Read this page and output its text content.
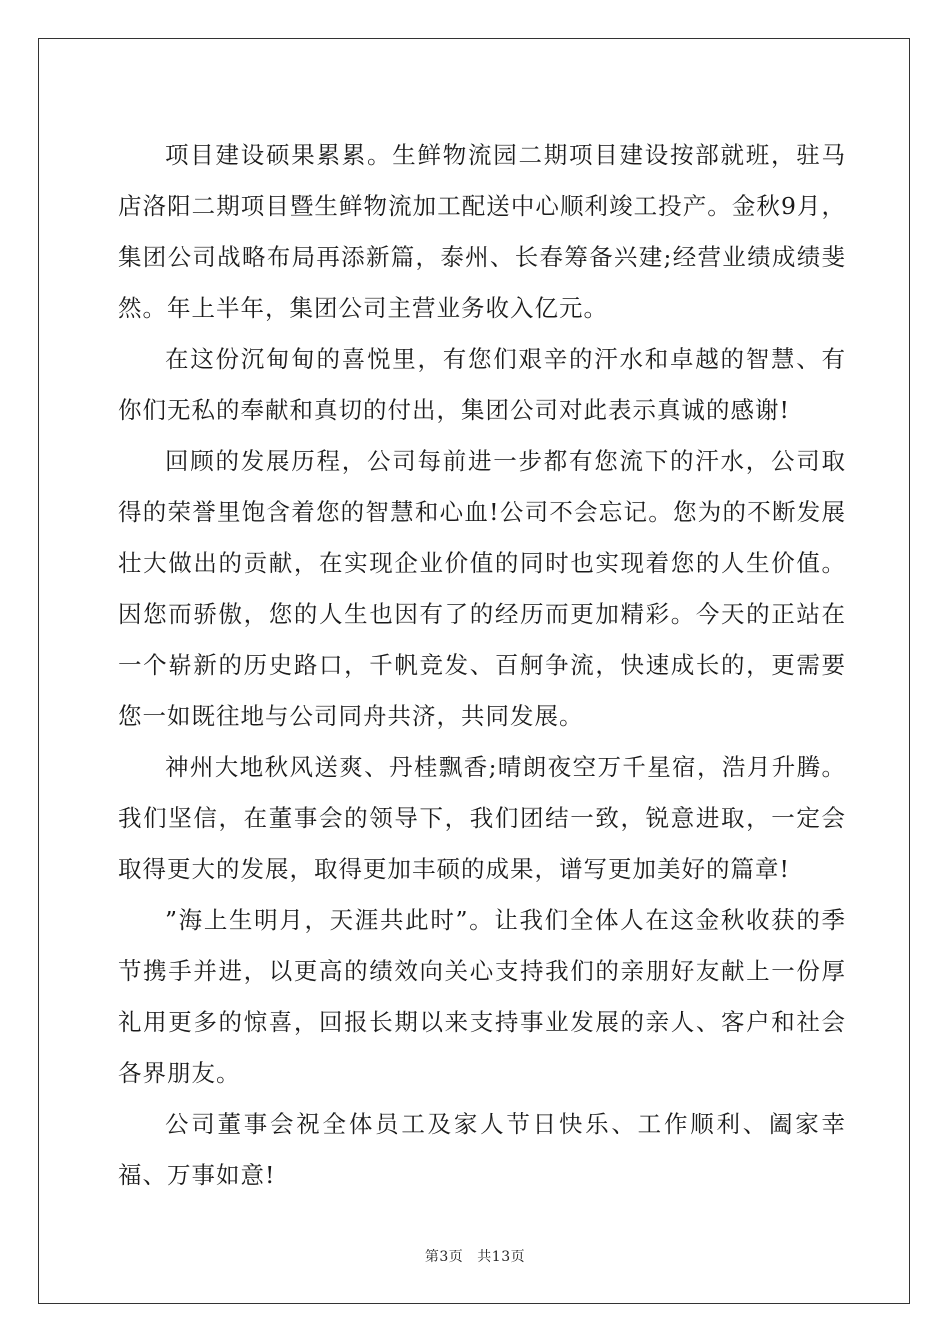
项目建设硕果累累。生鲜物流园二期项目建设按部就班，驻马店洛阳二期项目暨生鲜物流加工配送中心顺利竣工投产。金秋9月，集团公司战略布局再添新篇，泰州、长春筹备兴建;经营业绩成绩斐然。年上半年，集团公司主营业务收入亿元。

在这份沉甸甸的喜悦里，有您们艰辛的汗水和卓越的智慧、有你们无私的奉献和真切的付出，集团公司对此表示真诚的感谢!

回顾的发展历程，公司每前进一步都有您流下的汗水，公司取得的荣誉里饱含着您的智慧和心血!公司不会忘记。您为的不断发展壮大做出的贡献，在实现企业价值的同时也实现着您的人生价值。因您而骄傲，您的人生也因有了的经历而更加精彩。今天的正站在一个崭新的历史路口，千帆竞发、百舸争流，快速成长的，更需要您一如既往地与公司同舟共济，共同发展。

神州大地秋风送爽、丹桂飘香;晴朗夜空万千星宿，浩月升腾。我们坚信，在董事会的领导下，我们团结一致，锐意进取，一定会取得更大的发展，取得更加丰硕的成果，谱写更加美好的篇章!

”海上生明月，天涯共此时”。让我们全体人在这金秋收获的季节携手并进，以更高的绩效向关心支持我们的亲朋好友献上一份厚礼用更多的惊喜，回报长期以来支持事业发展的亲人、客户和社会各界朋友。

公司董事会祝全体员工及家人节日快乐、工作顺利、阖家幸福、万事如意!

第3页 共13页
